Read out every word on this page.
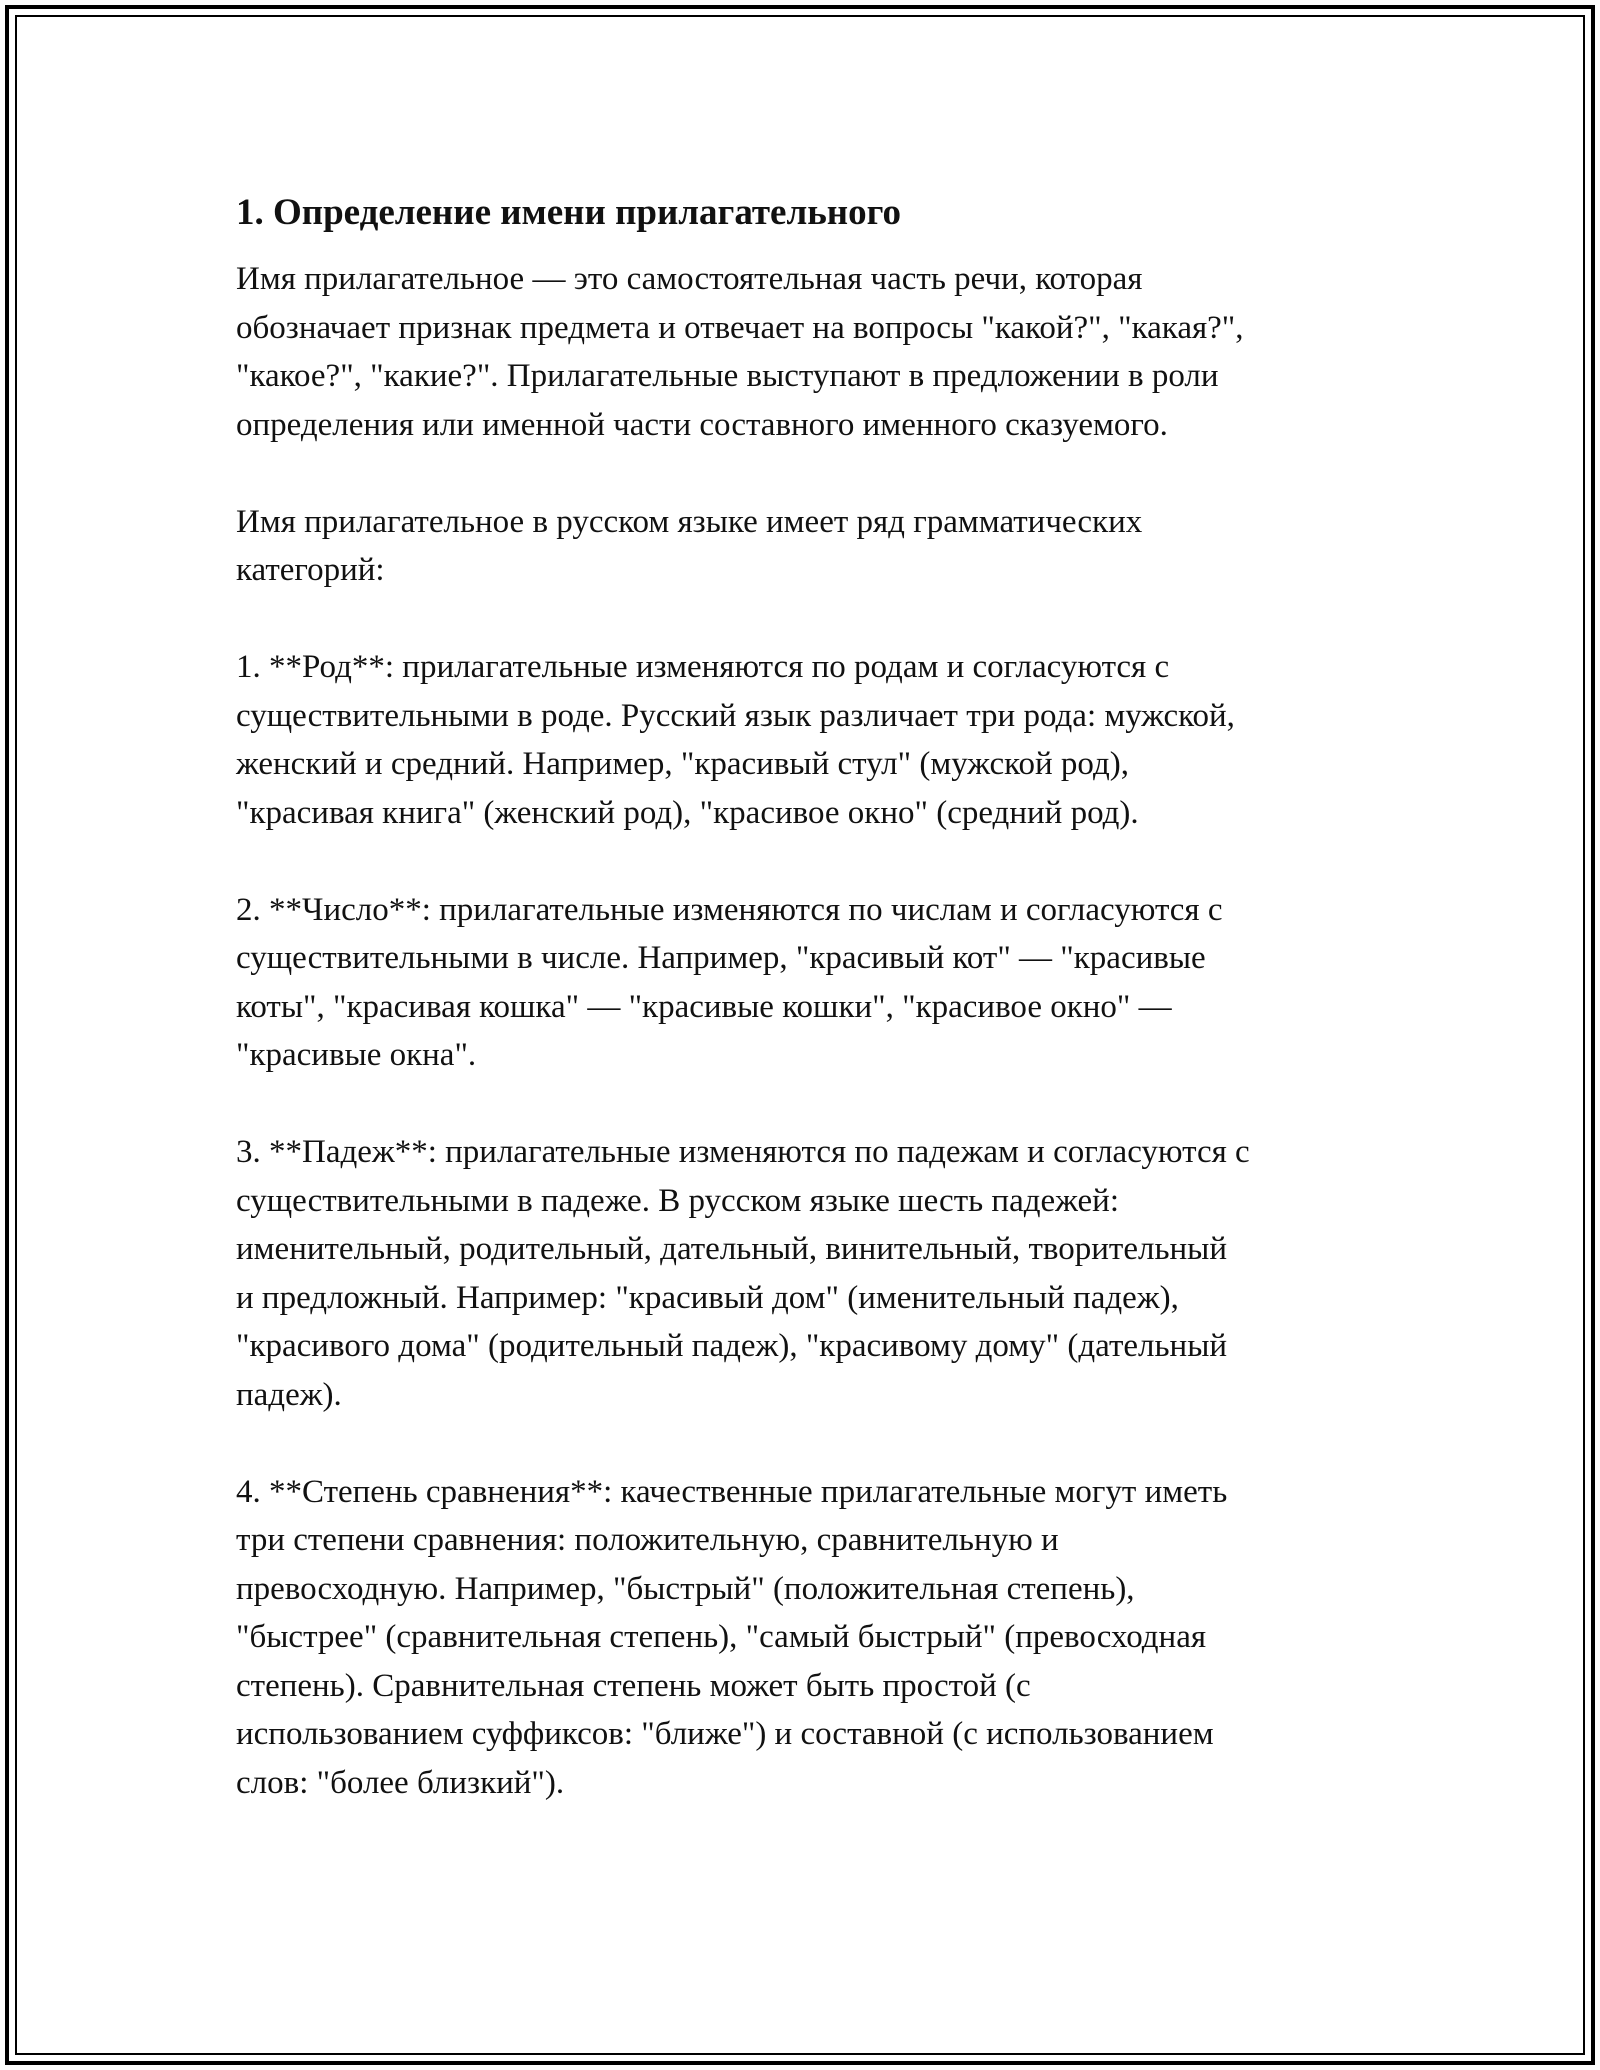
1. Определение имени прилагательного

Имя прилагательное — это самостоятельная часть речи, которая
обозначает признак предмета и отвечает на вопросы "какой?", "какая?",
"какое?", "какие?". Прилагательные выступают в предложении в роли
определения или именной части составного именного сказуемого.

Имя прилагательное в русском языке имеет ряд грамматических
категорий:

1. **Род**: прилагательные изменяются по родам и согласуются с
существительными в роде. Русский язык различает три рода: мужской,
женский и средний. Например, "красивый стул" (мужской род),
"красивая книга" (женский род), "красивое окно" (средний род).

2. **Число**: прилагательные изменяются по числам и согласуются с
существительными в числе. Например, "красивый кот" — "красивые
коты", "красивая кошка" — "красивые кошки", "красивое окно" —
"красивые окна".

3. **Падеж**: прилагательные изменяются по падежам и согласуются с
существительными в падеже. В русском языке шесть падежей:
именительный, родительный, дательный, винительный, творительный
и предложный. Например: "красивый дом" (именительный падеж),
"красивого дома" (родительный падеж), "красивому дому" (дательный
падеж).

4. **Степень сравнения**: качественные прилагательные могут иметь
три степени сравнения: положительную, сравнительную и
превосходную. Например, "быстрый" (положительная степень),
"быстрее" (сравнительная степень), "самый быстрый" (превосходная
степень). Сравнительная степень может быть простой (с
использованием суффиксов: "ближе") и составной (с использованием
слов: "более близкий").
